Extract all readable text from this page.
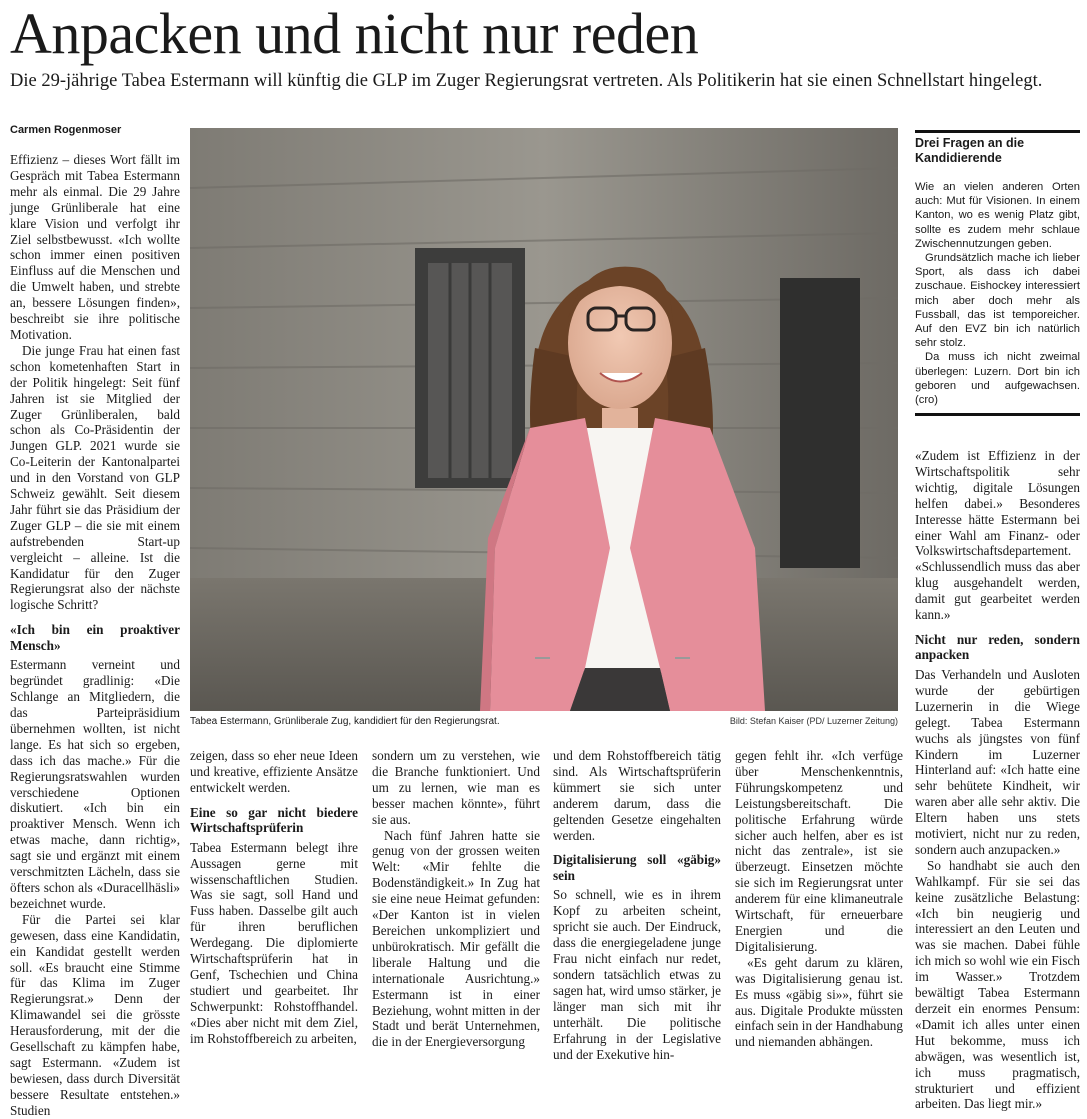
Anpacken und nicht nur reden
Die 29-jährige Tabea Estermann will künftig die GLP im Zuger Regierungsrat vertreten. Als Politikerin hat sie einen Schnellstart hingelegt.
Carmen Rogenmoser

Effizienz – dieses Wort fällt im Gespräch mit Tabea Estermann mehr als einmal. Die 29 Jahre junge Grünliberale hat eine klare Vision und verfolgt ihr Ziel selbstbewusst. «Ich wollte schon immer einen positiven Einfluss auf die Menschen und die Umwelt haben, und strebte an, bessere Lösungen finden», beschreibt sie ihre politische Motivation.

Die junge Frau hat einen fast schon kometenhaften Start in der Politik hingelegt: Seit fünf Jahren ist sie Mitglied der Zuger Grünliberalen, bald schon als Co-Präsidentin der Jungen GLP. 2021 wurde sie Co-Leiterin der Kantonalpartei und in den Vorstand von GLP Schweiz gewählt. Seit diesem Jahr führt sie das Präsidium der Zuger GLP – die sie mit einem aufstrebenden Start-up vergleicht – alleine. Ist die Kandidatur für den Zuger Regierungsrat also der nächste logische Schritt?

«Ich bin ein proaktiver Mensch»

Estermann verneint und begründet gradlinig: «Die Schlange an Mitgliedern, die das Parteipräsidium übernehmen wollten, ist nicht lange. Es hat sich so ergeben, dass ich das mache.» Für die Regierungsratswahlen wurden verschiedene Optionen diskutiert. «Ich bin ein proaktiver Mensch. Wenn ich etwas mache, dann richtig», sagt sie und ergänzt mit einem verschmitzten Lächeln, dass sie öfters schon als «Duracellhäsli» bezeichnet wurde.

Für die Partei sei klar gewesen, dass eine Kandidatin, ein Kandidat gestellt werden soll. «Es braucht eine Stimme für das Klima im Zuger Regierungsrat.» Denn der Klimawandel sei die grösste Herausforderung, mit der die Gesellschaft zu kämpfen habe, sagt Estermann. «Zudem ist bewiesen, dass durch Diversität bessere Resultate entstehen.» Studien

Tabea Estermann, Grünliberale Zug, kandidiert für den Regierungsrat.	Bild: Stefan Kaiser (PD/ Luzerner Zeitung)

zeigen, dass so eher neue Ideen und kreative, effiziente Ansätze entwickelt werden.

Eine so gar nicht biedere Wirtschaftsprüferin

Tabea Estermann belegt ihre Aussagen gerne mit wissenschaftlichen Studien. Was sie sagt, soll Hand und Fuss haben. Dasselbe gilt auch für ihren beruflichen Werdegang. Die diplomierte Wirtschaftsprüferin hat in Genf, Tschechien und China studiert und gearbeitet. Ihr Schwerpunkt: Rohstoffhandel. «Dies aber nicht mit dem Ziel, im Rohstoffbereich zu arbeiten,

sondern um zu verstehen, wie die Branche funktioniert. Und um zu lernen, wie man es besser machen könnte», führt sie aus.

Nach fünf Jahren hatte sie genug von der grossen weiten Welt: «Mir fehlte die Bodenständigkeit.» In Zug hat sie eine neue Heimat gefunden: «Der Kanton ist in vielen Bereichen unkompliziert und unbürokratisch. Mir gefällt die liberale Haltung und die internationale Ausrichtung.» Estermann ist in einer Beziehung, wohnt mitten in der Stadt und berät Unternehmen, die in der Energieversorgung

und dem Rohstoffbereich tätig sind. Als Wirtschaftsprüferin kümmert sie sich unter anderem darum, dass die geltenden Gesetze eingehalten werden.

Digitalisierung soll «gäbig» sein

So schnell, wie es in ihrem Kopf zu arbeiten scheint, spricht sie auch. Der Eindruck, dass die energiegeladene junge Frau nicht einfach nur redet, sondern tatsächlich etwas zu sagen hat, wird umso stärker, je länger man sich mit ihr unterhält. Die politische Erfahrung in der Legislative und der Exekutive hin-

gegen fehlt ihr. «Ich verfüge über Menschenkenntnis, Führungskompetenz und Leistungsbereitschaft. Die politische Erfahrung würde sicher auch helfen, aber es ist nicht das zentrale», ist sie überzeugt. Einsetzen möchte sie sich im Regierungsrat unter anderem für eine klimaneutrale Wirtschaft, für erneuerbare Energien und die Digitalisierung.

«Es geht darum zu klären, was Digitalisierung genau ist. Es muss «gäbig si»», führt sie aus. Digitale Produkte müssten einfach sein in der Handhabung und niemanden abhängen.

Drei Fragen an die Kandidierende

Wie an vielen anderen Orten auch: Mut für Visionen. In einem Kanton, wo es wenig Platz gibt, sollte es zudem mehr schlaue Zwischennutzungen geben.

Grundsätzlich mache ich lieber Sport, als dass ich dabei zuschaue. Eishockey interessiert mich aber doch mehr als Fussball, das ist temporeicher. Auf den EVZ bin ich natürlich sehr stolz.

Da muss ich nicht zweimal überlegen: Luzern. Dort bin ich geboren und aufgewachsen. (cro)

«Zudem ist Effizienz in der Wirtschaftspolitik sehr wichtig, digitale Lösungen helfen dabei.» Besonderes Interesse hätte Estermann bei einer Wahl am Finanz- oder Volkswirtschaftsdepartement. «Schlussendlich muss das aber klug ausgehandelt werden, damit gut gearbeitet werden kann.»

Nicht nur reden, sondern anpacken

Das Verhandeln und Ausloten wurde der gebürtigen Luzernerin in die Wiege gelegt. Tabea Estermann wuchs als jüngstes von fünf Kindern im Luzerner Hinterland auf: «Ich hatte eine sehr behütete Kindheit, wir waren aber alle sehr aktiv. Die Eltern haben uns stets motiviert, nicht nur zu reden, sondern auch anzupacken.»

So handhabt sie auch den Wahlkampf. Für sie sei das keine zusätzliche Belastung: «Ich bin neugierig und interessiert an den Leuten und was sie machen. Dabei fühle ich mich so wohl wie ein Fisch im Wasser.» Trotzdem bewältigt Tabea Estermann derzeit ein enormes Pensum: «Damit ich alles unter einen Hut bekomme, muss ich abwägen, was wesentlich ist, ich muss pragmatisch, strukturiert und effizient arbeiten. Das liegt mir.»
